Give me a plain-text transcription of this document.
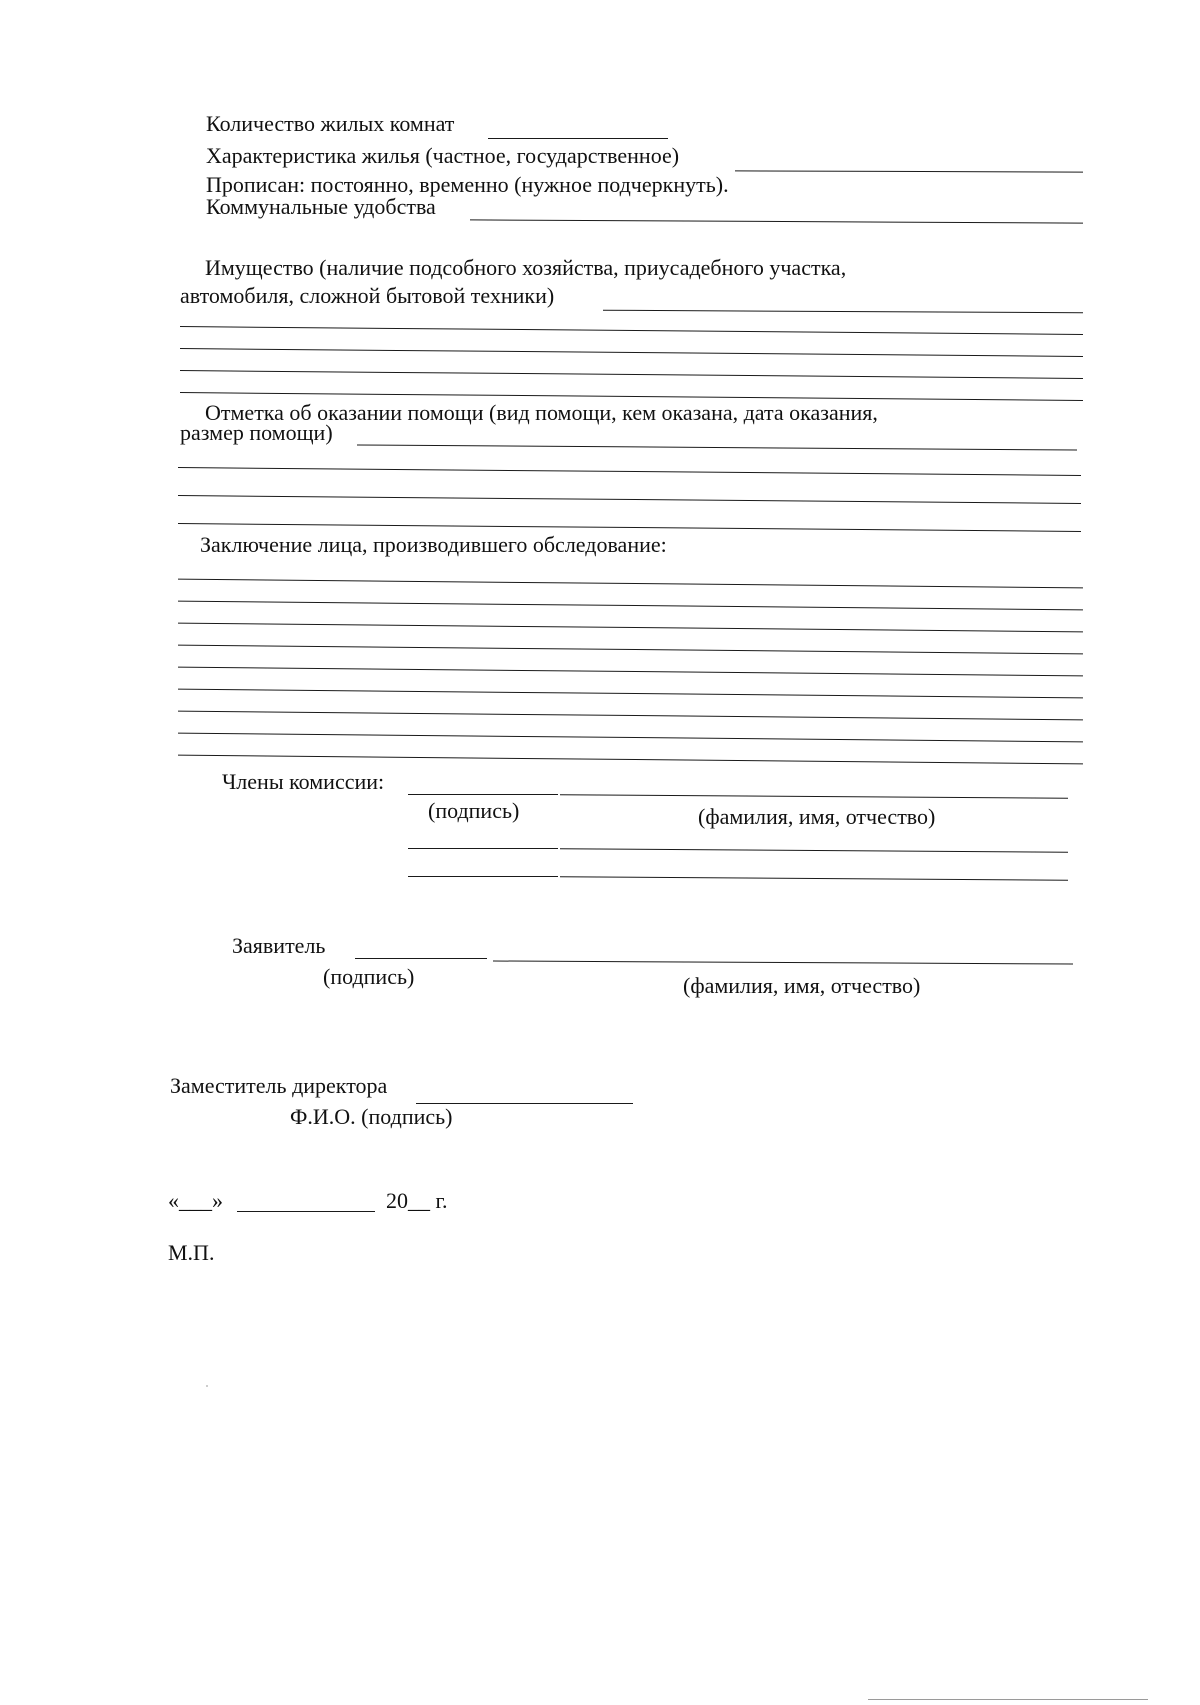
Количество жилых комнат
Характеристика жилья (частное, государственное)
Прописан: постоянно, временно (нужное подчеркнуть).
Коммунальные удобства
Имущество (наличие подсобного хозяйства, приусадебного участка,
автомобиля, сложной бытовой техники)
Отметка об оказании помощи (вид помощи, кем оказана, дата оказания,
размер помощи)
Заключение лица, производившего обследование:
Члены комиссии:
(подпись)	(фамилия, имя, отчество)
Заявитель
(подпись)	(фамилия, имя, отчество)
Заместитель директора
Ф.И.О. (подпись)
«___»	20__ г.
М.П.
